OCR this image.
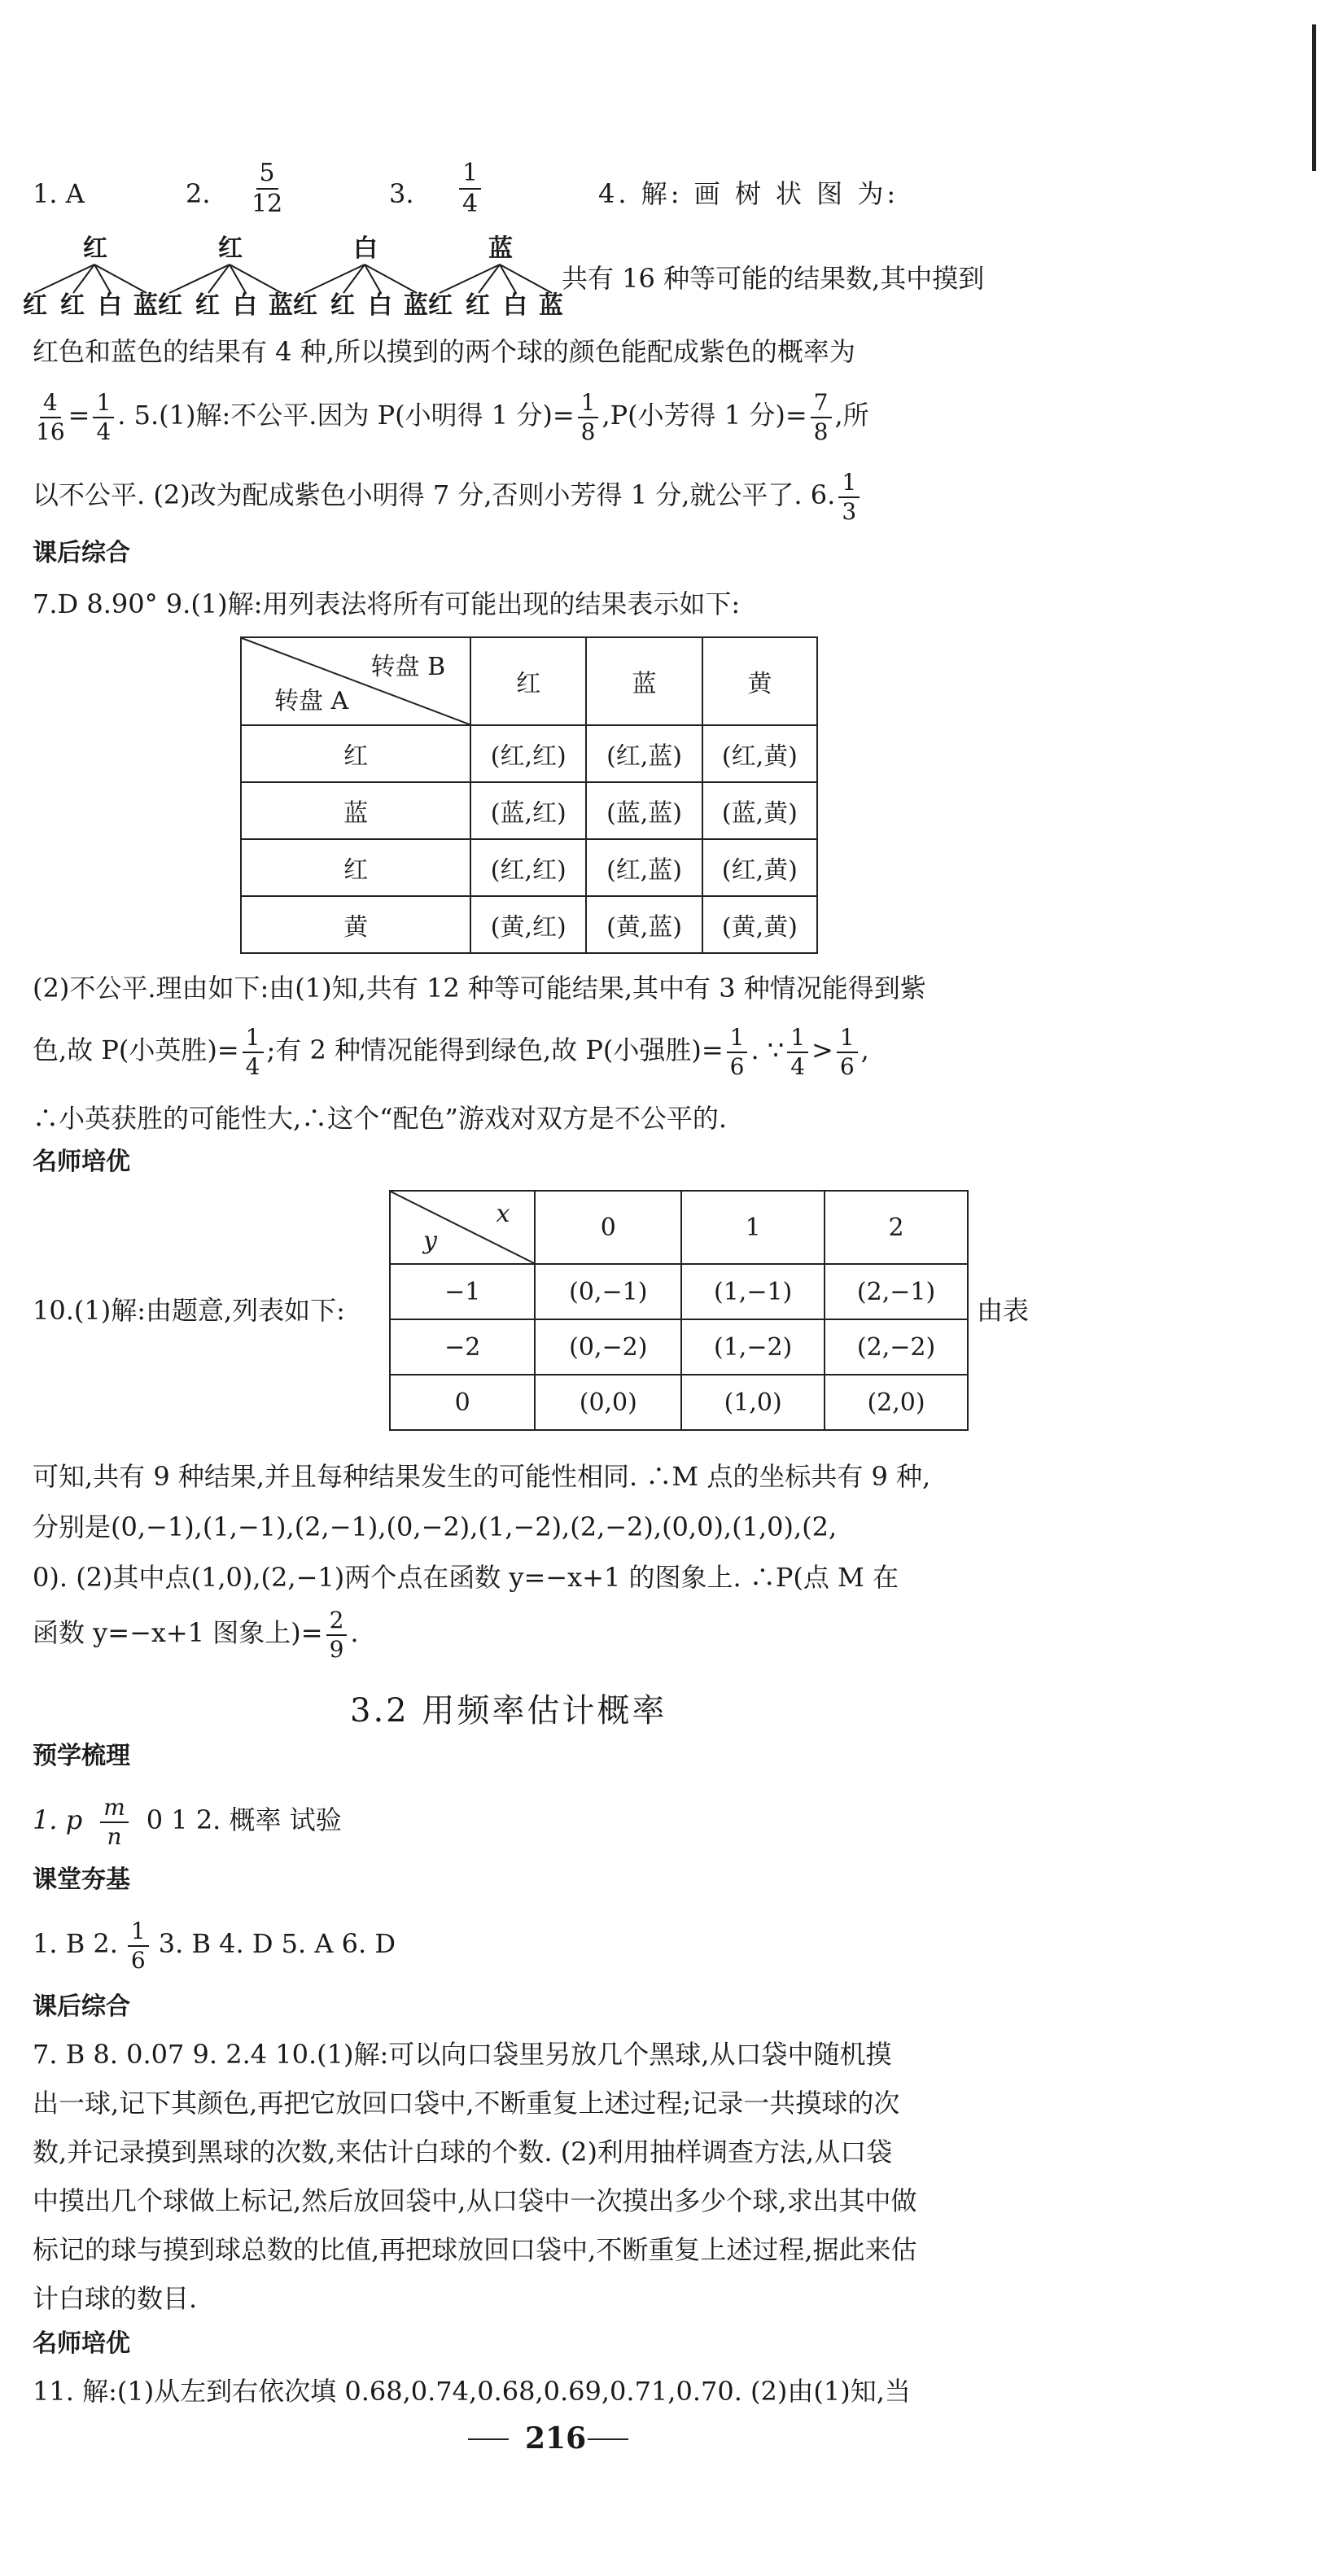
1. A	2. $\frac{5}{12}$	3. $\frac{1}{4}$	4. 解: 画 树 状 图 为:
红	红	白	蓝
红 红 白 蓝 红 红 白 蓝 红 红 白 蓝 红 红 白 蓝
共有 16 种等可能的结果数,其中摸到
红色和蓝色的结果有 4 种,所以摸到的两个球的颜色能配成紫色的概率为
$\frac{4}{16} = \frac{1}{4}$ . 5.(1)解:不公平.因为 P(小明得 1 分)= $\frac{1}{8} ,P$(小芳得 1 分)= $\frac{7}{8}$ ,所
以不公平. (2)改为配成紫色小明得 7 分,否则小芳得 1 分,就公平了. 6. $\frac{1}{3}$
课后综合
7.D 8.90° 9.(1)解:用列表法将所有可能出现的结果表示如下:
转盘 B
转盘 A	红	蓝	黄
红	(红,红)	(红,蓝)	(红,黄)
蓝	(蓝,红)	(蓝,蓝)	(蓝,黄)
红	(红,红)	(红,蓝)	(红,黄)
黄	(黄,红)	(黄,蓝)	(黄,黄)
(2)不公平.理由如下:由(1)知,共有 12 种等可能结果,其中有 3 种情况能得到紫
色,故 P(小英胜)= $\frac{1}{4}$ ;有 2 种情况能得到绿色,故 P(小强胜)= $\frac{1}{6}$ . ∵ $\frac{1}{4} > \frac{1}{6}$ ,
∴小英获胜的可能性大,∴这个“配色”游戏对双方是不公平的.
名师培优
10.(1)解:由题意,列表如下:
x
y	0	1	2
−1	(0,−1)	(1,−1)	(2,−1)
−2	(0,−2)	(1,−2)	(2,−2)
0	(0,0)	(1,0)	(2,0)
由表
可知,共有 9 种结果,并且每种结果发生的可能性相同. ∴M 点的坐标共有 9 种,
分别是(0,−1),(1,−1),(2,−1),(0,−2),(1,−2),(2,−2),(0,0),(1,0),(2,
0). (2)其中点(1,0),(2,−1)两个点在函数 y=−x+1 的图象上. ∴P(点 M 在
函数 y=−x+1 图象上)= $\frac{2}{9}$ .
3.2 用频率估计概率
预学梳理
1. p $\frac{m}{n} 0$ 1 2. 概率 试验
课堂夯基
1. B 2. $\frac{1}{6} 3$. B 4. D 5. A 6. D
课后综合
7. B 8. 0.07 9. 2.4 10.(1)解:可以向口袋里另放几个黑球,从口袋中随机摸
出一球,记下其颜色,再把它放回口袋中,不断重复上述过程;记录一共摸球的次
数,并记录摸到黑球的次数,来估计白球的个数. (2)利用抽样调查方法,从口袋
中摸出几个球做上标记,然后放回袋中,从口袋中一次摸出多少个球,求出其中做
标记的球与摸到球总数的比值,再把球放回口袋中,不断重复上述过程,据此来估
计白球的数目.
名师培优
11. 解:(1)从左到右依次填 0.68,0.74,0.68,0.69,0.71,0.70. (2)由(1)知,当
216
